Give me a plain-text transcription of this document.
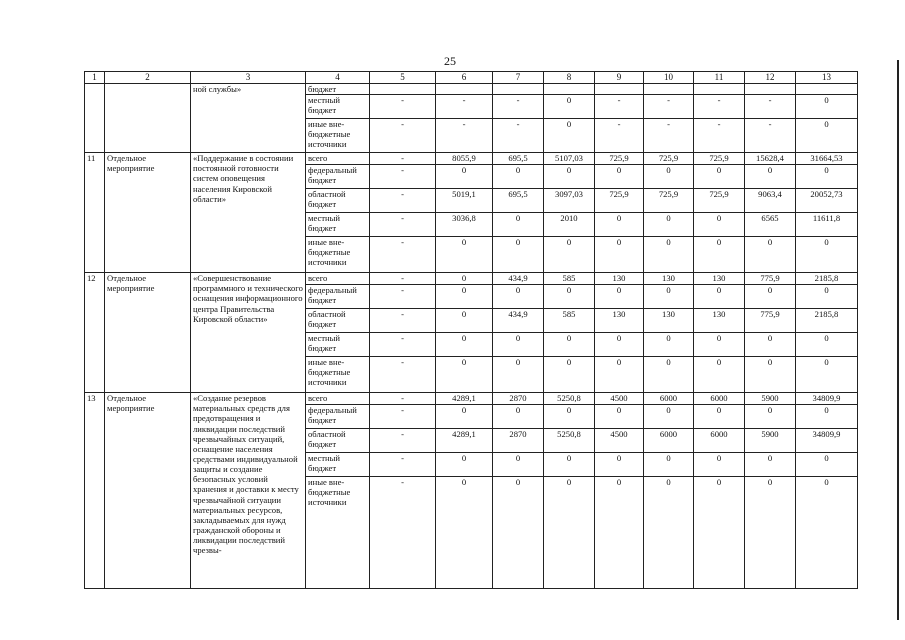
25
1	2	3	4	5	6	7	8	9	10	11	12	13
		ной службы»	бюджет									
			местный бюджет	-	-	-	0	-	-	-	-	0
			иные вне-бюджетные источники	-	-	-	0	-	-	-	-	0
11	Отдельное мероприятие	«Поддержание в состоянии постоянной готовности систем оповещения населения Кировской области»	всего	-	8055,9	695,5	5107,03	725,9	725,9	725,9	15628,4	31664,53
			федеральный бюджет	-	0	0	0	0	0	0	0	0
			областной бюджет	-	5019,1	695,5	3097,03	725,9	725,9	725,9	9063,4	20052,73
			местный бюджет	-	3036,8	0	2010	0	0	0	6565	11611,8
			иные вне-бюджетные источники	-	0	0	0	0	0	0	0	0
12	Отдельное мероприятие	«Совершенствование программного и технического оснащения информационного центра Правительства Кировской области»	всего	-	0	434,9	585	130	130	130	775,9	2185,8
			федеральный бюджет	-	0	0	0	0	0	0	0	0
			областной бюджет	-	0	434,9	585	130	130	130	775,9	2185,8
			местный бюджет	-	0	0	0	0	0	0	0	0
			иные вне-бюджетные источники	-	0	0	0	0	0	0	0	0
13	Отдельное мероприятие	«Создание резервов материальных средств для предотвращения и ликвидации последствий чрезвычайных ситуаций, оснащение населения средствами индивидуальной защиты и создание безопасных условий хранения и доставки к месту чрезвычайной ситуации материальных ресурсов, закладываемых для нужд гражданской обороны и ликвидации последствий чрезвы-	всего	-	4289,1	2870	5250,8	4500	6000	6000	5900	34809,9
			федеральный бюджет	-	0	0	0	0	0	0	0	0
			областной бюджет	-	4289,1	2870	5250,8	4500	6000	6000	5900	34809,9
			местный бюджет	-	0	0	0	0	0	0	0	0
			иные вне-бюджетные источники	-	0	0	0	0	0	0	0	0
